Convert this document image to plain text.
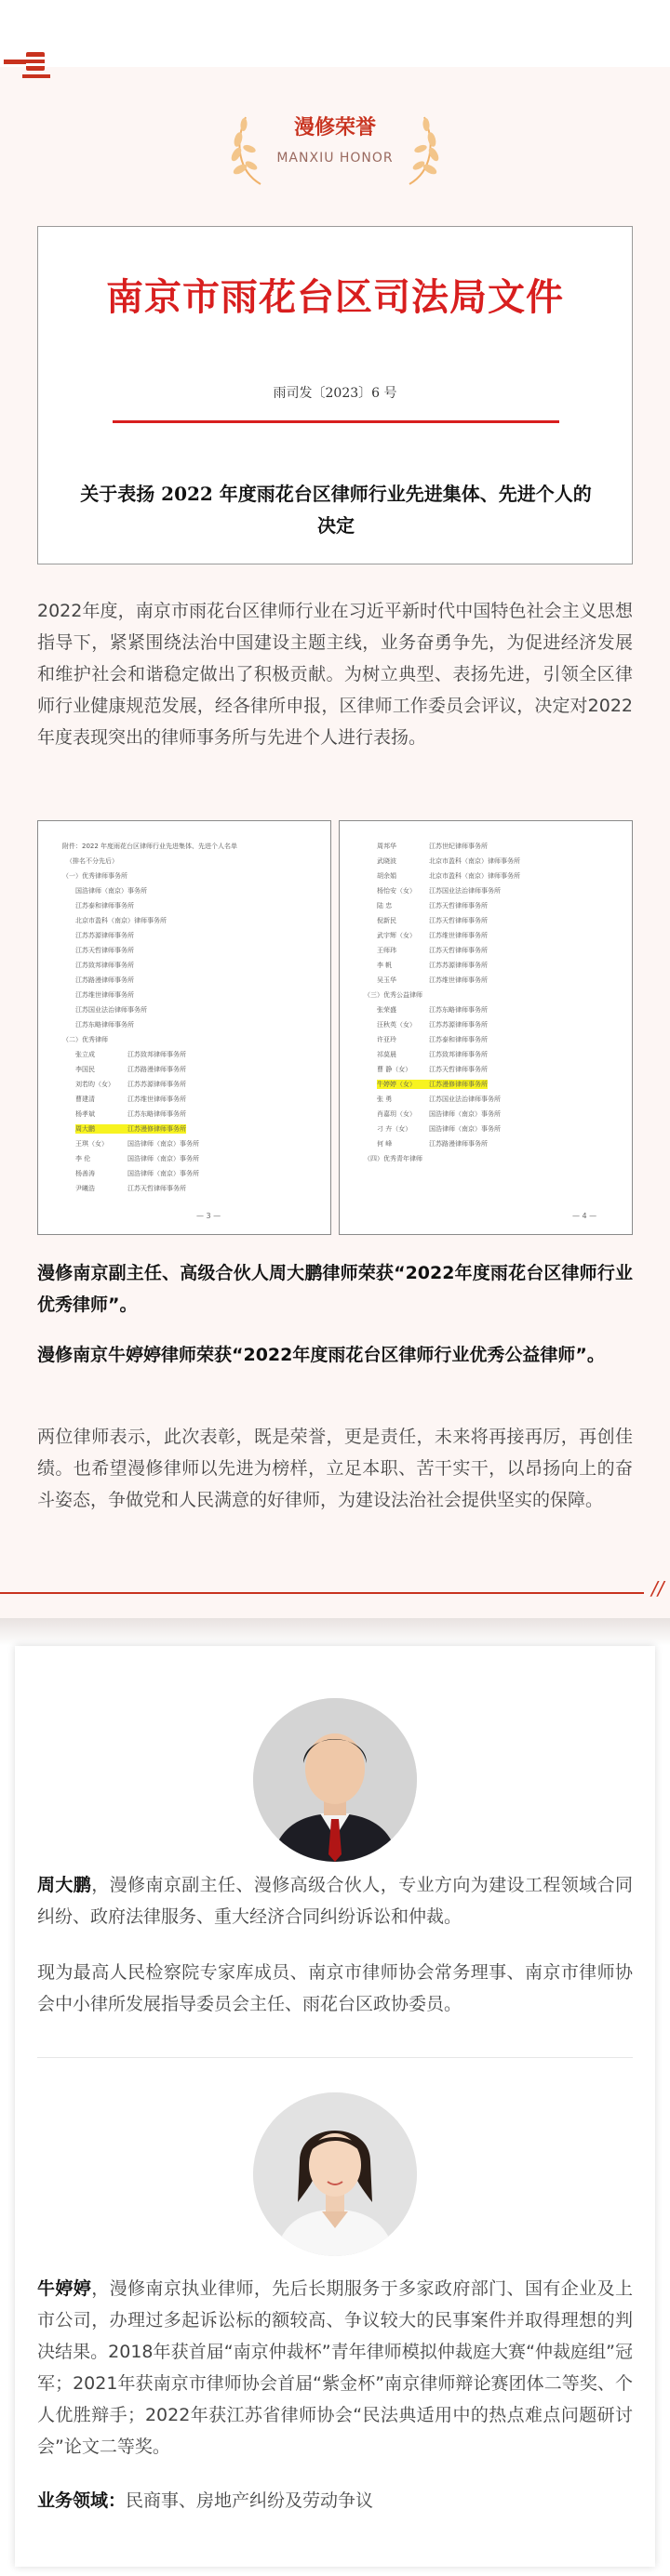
漫修荣誉
MANXIU HONOR
南京市雨花台区司法局文件
雨司发〔2023〕6 号
关于表扬 2022 年度雨花台区律师行业先进集体、先进个人的决定

2022年度，南京市雨花台区律师行业在习近平新时代中国特色社会主义思想指导下，紧紧围绕法治中国建设主题主线，业务奋勇争先，为促进经济发展和维护社会和谐稳定做出了积极贡献。为树立典型、表扬先进，引领全区律师行业健康规范发展，经各律所申报，区律师工作委员会评议，决定对2022年度表现突出的律师事务所与先进个人进行表扬。

附件：2022 年度雨花台区律师行业先进集体、先进个人名单
（排名不分先后）
（一）优秀律师事务所
国浩律师（南京）事务所
江苏泰和律师事务所
北京市盈科（南京）律师事务所
江苏苏源律师事务所
江苏天哲律师事务所
江苏致邦律师事务所
江苏路漫律师事务所
江苏维世律师事务所
江苏国业法治律师事务所
江苏东略律师事务所
（二）优秀律师
张立成	江苏致邦律师事务所
李国民	江苏路漫律师事务所
刘若昀（女） 江苏苏源律师事务所
曹建清	江苏维世律师事务所
杨孝斌	江苏东略律师事务所
周大鹏	江苏漫修律师事务所
王琪（女）	国浩律师（南京）事务所
李 伦	国浩律师（南京）事务所
杨善涛	国浩律师（南京）事务所
尹曦浩	江苏天哲律师事务所
— 3 —
周邦华	江苏世纪律师事务所
武晓波	北京市盈科（南京）律师事务所
胡余娟	北京市盈科（南京）律师事务所
杨怡安（女） 江苏国业法治律师事务所
陆 忠	江苏天哲律师事务所
倪新民	江苏天哲律师事务所
武宇辉（女） 江苏维世律师事务所
王师玮	江苏天哲律师事务所
李 帆	江苏苏源律师事务所
吴玉华	江苏维世律师事务所
（三）优秀公益律师
张荣盛	江苏东略律师事务所
汪秋英（女） 江苏苏源律师事务所
许亚玲	江苏泰和律师事务所
祁莫晨	江苏致邦律师事务所
曹 静（女）	江苏天哲律师事务所
牛婷婷（女） 江苏漫修律师事务所
张 勇	江苏国业法治律师事务所
肖嘉玥（女） 国浩律师（南京）事务所
刁 卉（女）	国浩律师（南京）事务所
何 峰	江苏路漫律师事务所
（四）优秀青年律师
— 4 —

漫修南京副主任、高级合伙人周大鹏律师荣获“2022年度雨花台区律师行业优秀律师”。

漫修南京牛婷婷律师荣获“2022年度雨花台区律师行业优秀公益律师”。

两位律师表示，此次表彰，既是荣誉，更是责任，未来将再接再厉，再创佳绩。也希望漫修律师以先进为榜样，立足本职、苦干实干，以昂扬向上的奋斗姿态，争做党和人民满意的好律师，为建设法治社会提供坚实的保障。

//

周大鹏，漫修南京副主任、漫修高级合伙人，专业方向为建设工程领域合同纠纷、政府法律服务、重大经济合同纠纷诉讼和仲裁。

现为最高人民检察院专家库成员、南京市律师协会常务理事、南京市律师协会中小律所发展指导委员会主任、雨花台区政协委员。

牛婷婷，漫修南京执业律师，先后长期服务于多家政府部门、国有企业及上市公司，办理过多起诉讼标的额较高、争议较大的民事案件并取得理想的判决结果。2018年获首届“南京仲裁杯”青年律师模拟仲裁庭大赛“仲裁庭组”冠军；2021年获南京市律师协会首届“紫金杯”南京律师辩论赛团体二等奖、个人优胜辩手；2022年获江苏省律师协会“民法典适用中的热点难点问题研讨会”论文二等奖。

业务领域：民商事、房地产纠纷及劳动争议
